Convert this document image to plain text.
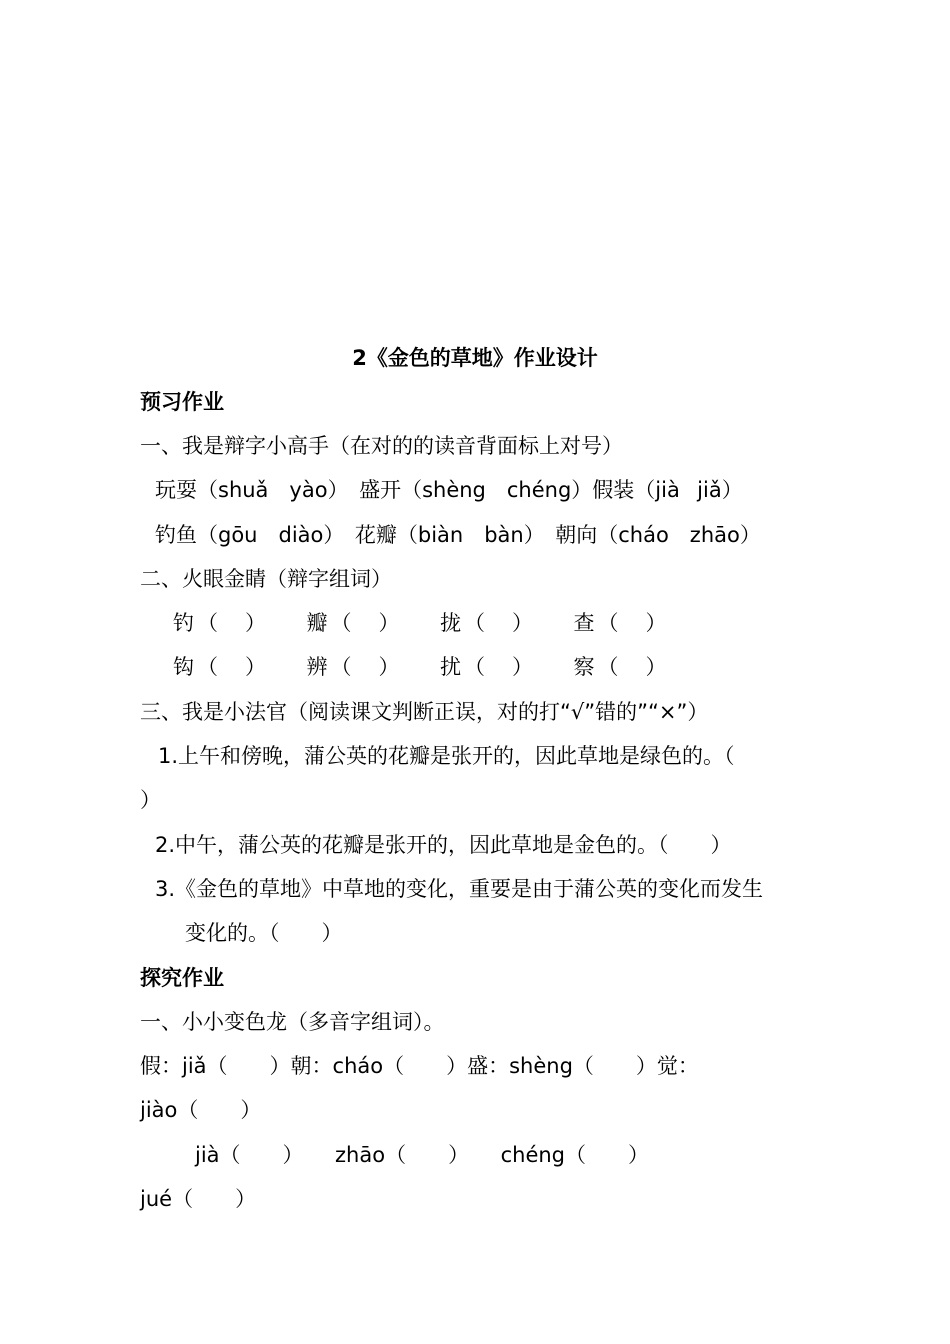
2《金色的草地》作业设计
预习作业
一、我是辩字小高手（在对的的读音背面标上对号）
玩耍（shuǎ　yào）　盛开（shèng　chéng）假装（jià  jiǎ）
钓鱼（gōu　diào）　花瓣（biàn　bàn）　朝向（cháo　zhāo）
二、火眼金睛（辩字组词）
钓（　）　　瓣（　）　　拢（　）　　查（　）
钩（　）　　辨（　）　　扰（　）　　察（　）
三、我是小法官（阅读课文判断正误，对的打“√”错的”“×”）
1.上午和傍晚，蒲公英的花瓣是张开的，因此草地是绿色的。（
）
2.中午，蒲公英的花瓣是张开的，因此草地是金色的。（　　）
3.《金色的草地》中草地的变化，重要是由于蒲公英的变化而发生
变化的。（　　）
探究作业
一、小小变色龙（多音字组词）。
假：jiǎ（　　）朝：cháo（　　）盛：shèng（　　）觉：
jiào（　　）
jià（　　）　　zhāo（　　）　　chéng（　　）
jué（　　）
